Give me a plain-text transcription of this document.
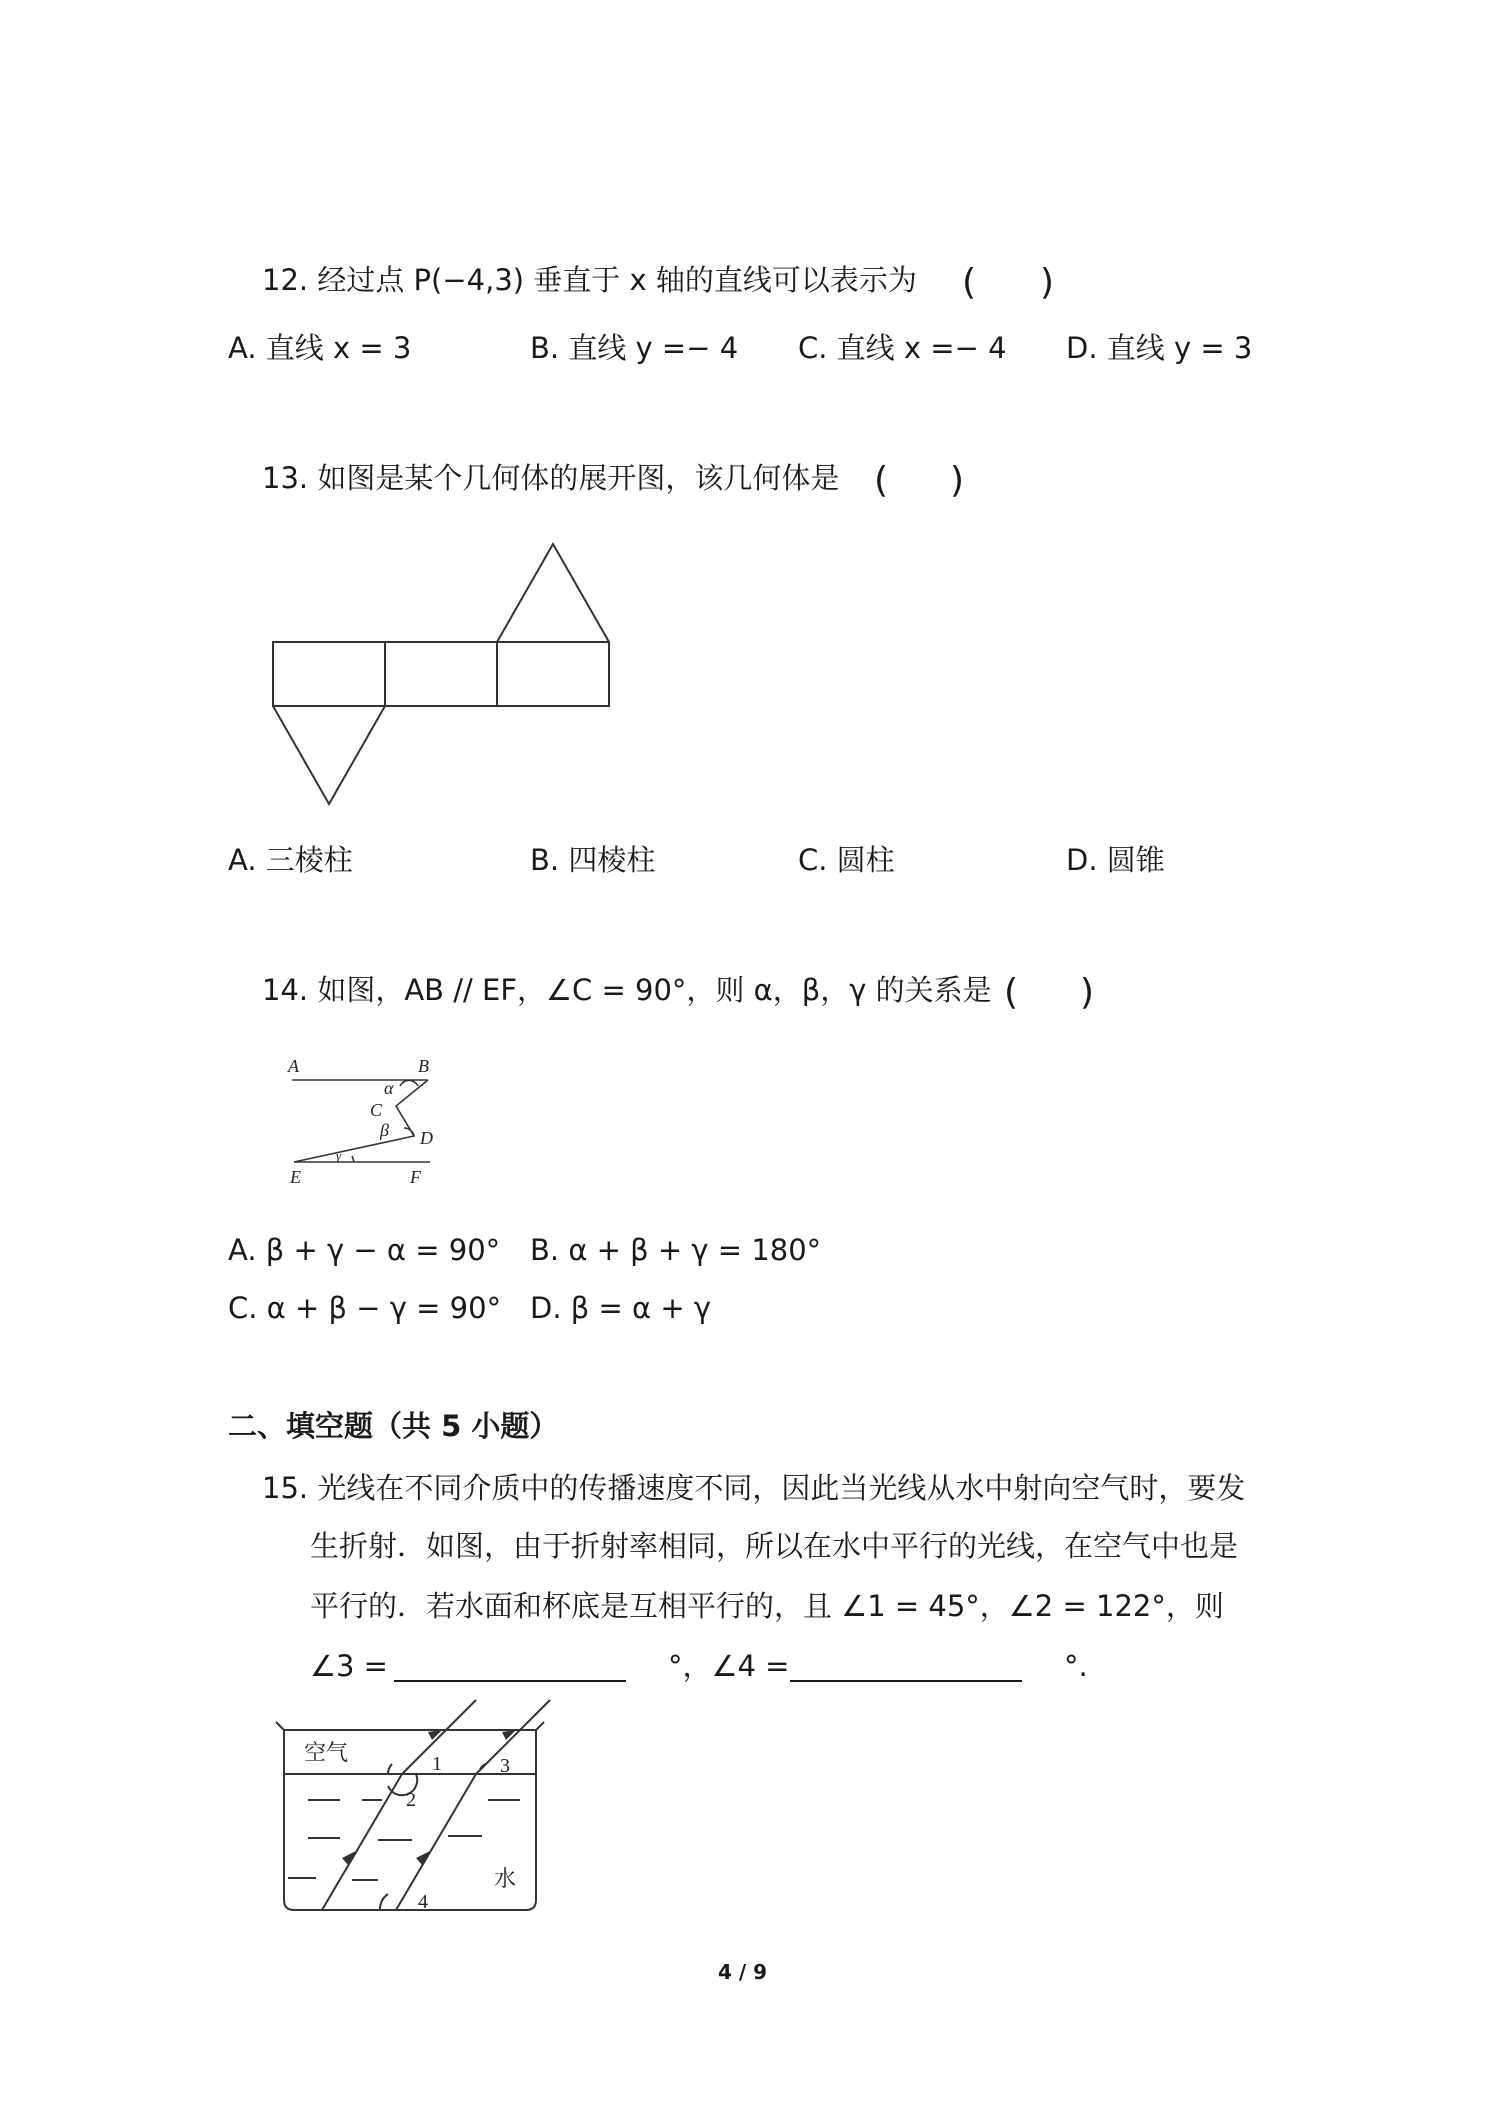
12. 经过点 P(−4,3) 垂直于 x 轴的直线可以表示为 ( )
A. 直线 x = 3	B. 直线 y =− 4 C. 直线 x =− 4 D. 直线 y = 3
13. 如图是某个几何体的展开图，该几何体是 ( )
A. 三棱柱	B. 四棱柱	C. 圆柱	D. 圆锥
14. 如图，AB // EF，∠C = 90°，则 α，β，γ 的关系是 ( )
A	B
α
C
β D
γ
E	F
A. β + γ − α = 90° B. α + β + γ = 180°
C. α + β − γ = 90° D. β = α + γ
二、填空题（共 5 小题）
15. 光线在不同介质中的传播速度不同，因此当光线从水中射向空气时，要发
生折射．如图，由于折射率相同，所以在水中平行的光线，在空气中也是
平行的．若水面和杯底是互相平行的，且 ∠1 = 45°，∠2 = 122°，则
∠3 =	°，∠4 =	°.
空气
水
1
2
3
4
4 / 9
